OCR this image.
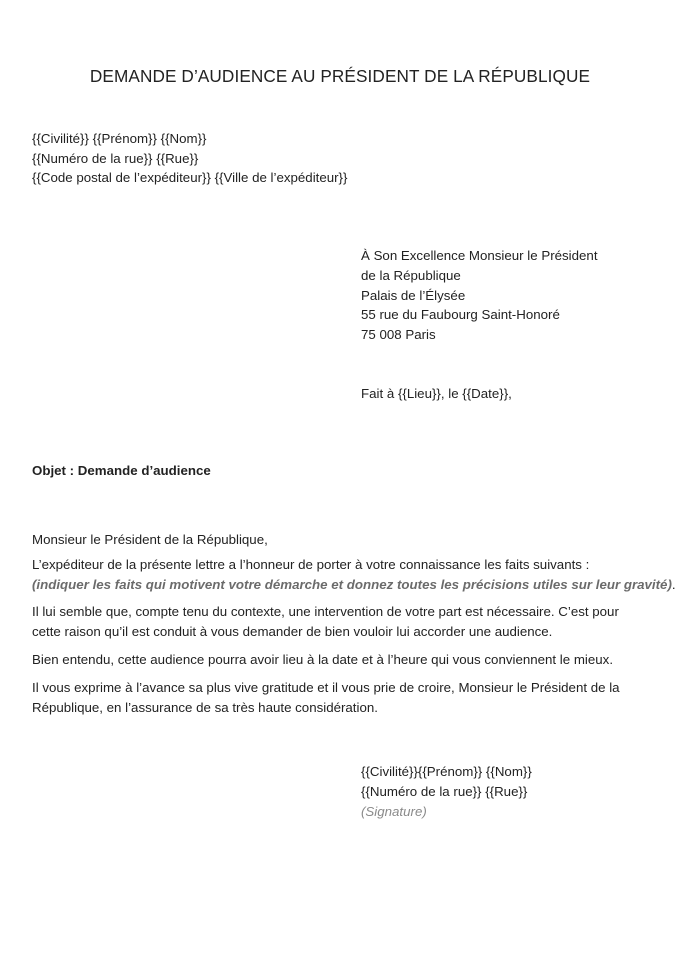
DEMANDE D’AUDIENCE AU PRÉSIDENT DE LA RÉPUBLIQUE
{{Civilité}} {{Prénom}} {{Nom}}
{{Numéro de la rue}} {{Rue}}
{{Code postal de l’expéditeur}} {{Ville de l’expéditeur}}
À Son Excellence Monsieur le Président
de la République
Palais de l’Élysée
55 rue du Faubourg Saint-Honoré
75 008 Paris
Fait à {{Lieu}}, le {{Date}},
Objet : Demande d’audience

Monsieur le Président de la République,

L’expéditeur de la présente lettre a l’honneur de porter à votre connaissance les faits suivants :
(indiquer les faits qui motivent votre démarche et donnez toutes les précisions utiles sur leur gravité).

Il lui semble que, compte tenu du contexte, une intervention de votre part est nécessaire. C’est pour
cette raison qu’il est conduit à vous demander de bien vouloir lui accorder une audience.

Bien entendu, cette audience pourra avoir lieu à la date et à l’heure qui vous conviennent le mieux.

Il vous exprime à l’avance sa plus vive gratitude et il vous prie de croire, Monsieur le Président de la
République, en l’assurance de sa très haute considération.

{{Civilité}}{{Prénom}} {{Nom}}
{{Numéro de la rue}} {{Rue}}
(Signature)
